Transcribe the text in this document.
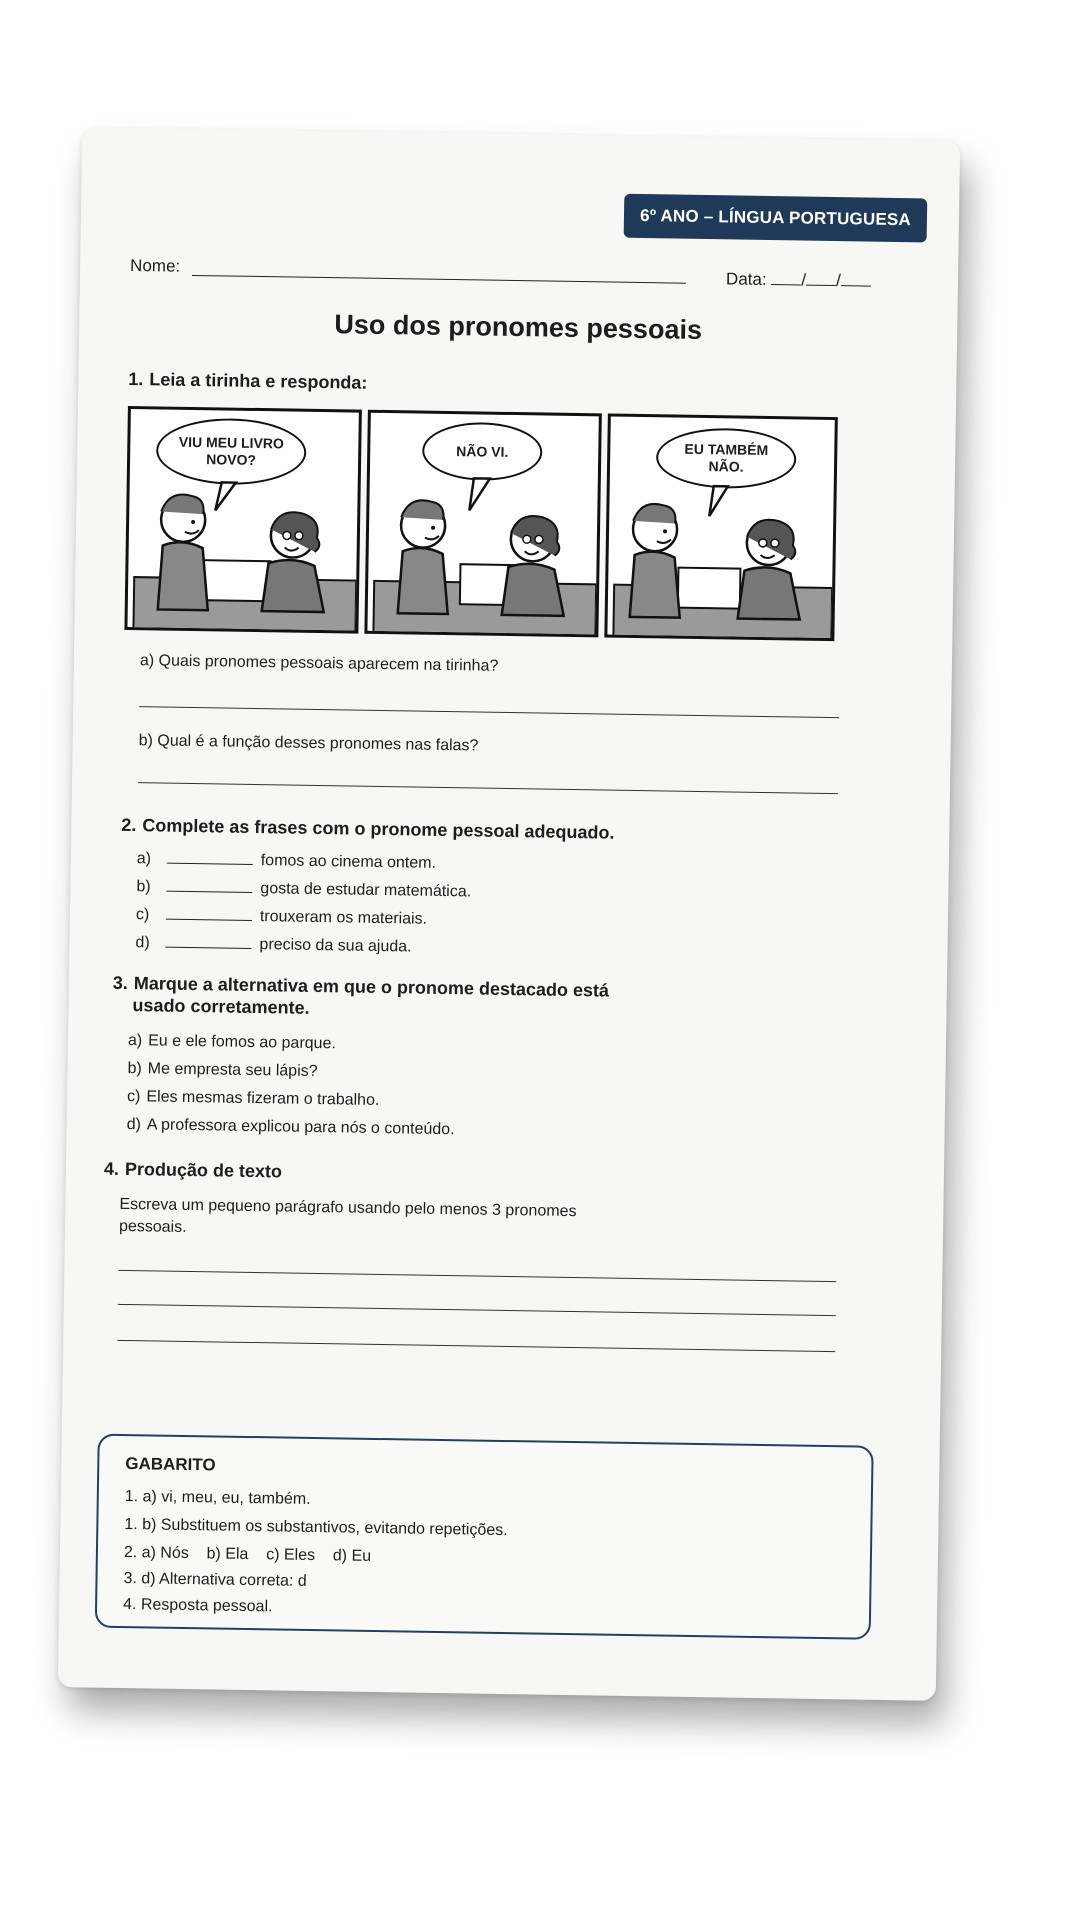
6º ANO – LÍNGUA PORTUGUESA
Nome:
Data: / /
Uso dos pronomes pessoais
1. Leia a tirinha e responda:
VIU MEU LIVRO NOVO?
NÃO VI.	EU TAMBÉM NÃO.
a) Quais pronomes pessoais aparecem na tirinha?
b) Qual é a função desses pronomes nas falas?
2. Complete as frases com o pronome pessoal adequado.
a)	fomos ao cinema ontem.
b)	gosta de estudar matemática.
c)	trouxeram os materiais.
d)	preciso da sua ajuda.
3. Marque a alternativa em que o pronome destacado está
usado corretamente.
a) Eu e ele fomos ao parque.
b) Me empresta seu lápis?
c) Eles mesmas fizeram o trabalho.
d) A professora explicou para nós o conteúdo.
4. Produção de texto
Escreva um pequeno parágrafo usando pelo menos 3 pronomes
pessoais.
GABARITO
1. a) vi, meu, eu, também.
1. b) Substituem os substantivos, evitando repetições.
2. a) Nós    b) Ela    c) Eles    d) Eu
3. d) Alternativa correta: d
4. Resposta pessoal.
